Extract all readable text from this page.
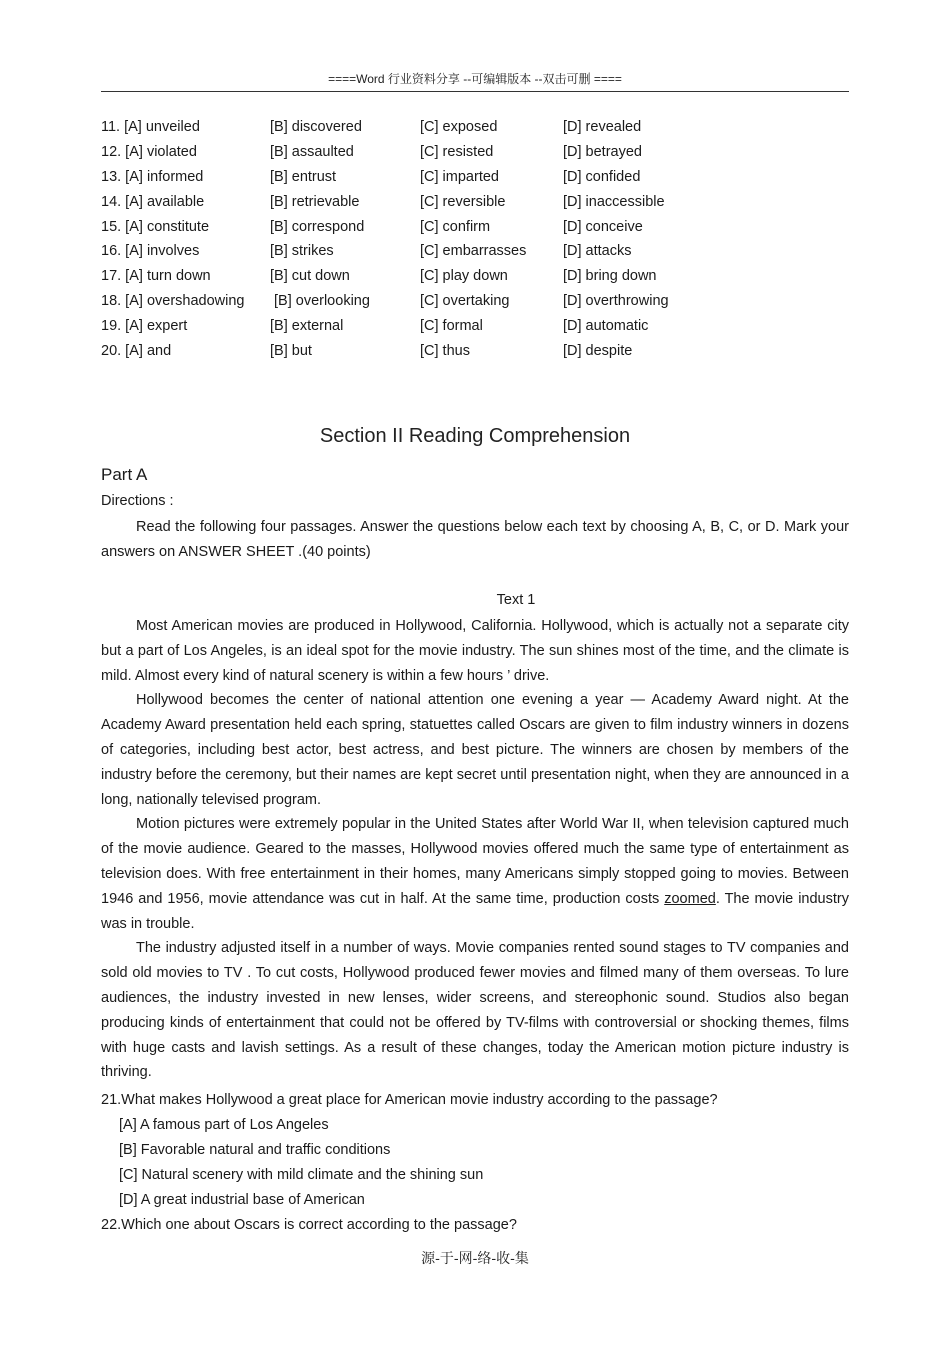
====Word 行业资料分享 --可编辑版本 --双击可删 ====
11. [A] unveiled	[B] discovered	[C] exposed	[D] revealed
12. [A] violated	[B] assaulted	[C] resisted	[D] betrayed
13. [A] informed	[B] entrust	[C] imparted	[D] confided
14. [A] available	[B] retrievable	[C] reversible	[D] inaccessible
15. [A] constitute	[B] correspond	[C] confirm	[D] conceive
16. [A] involves	[B] strikes	[C] embarrasses	[D] attacks
17. [A] turn down	[B] cut down	[C] play down	[D] bring down
18. [A] overshadowing [B] overlooking	[C] overtaking	[D] overthrowing
19. [A] expert	[B] external	[C] formal	[D] automatic
20. [A] and	[B] but	[C] thus	[D] despite
Section II Reading Comprehension
Part A
Directions :

Read the following four passages. Answer the questions below each text by choosing A, B, C, or D. Mark your answers on ANSWER SHEET .(40 points)

Text 1

Most American movies are produced in Hollywood, California. Hollywood, which is actually not a separate city but a part of Los Angeles, is an ideal spot for the movie industry. The sun shines most of the time, and the climate is mild. Almost every kind of natural scenery is within a few hours ’ drive.

Hollywood becomes the center of national attention one evening a year — Academy Award night. At the Academy Award presentation held each spring, statuettes called Oscars are given to film industry winners in dozens of categories, including best actor, best actress, and best picture. The winners are chosen by members of the industry before the ceremony, but their names are kept secret until presentation night, when they are announced in a long, nationally televised program.

Motion pictures were extremely popular in the United States after World War II, when television captured much of the movie audience. Geared to the masses, Hollywood movies offered much the same type of entertainment as television does. With free entertainment in their homes, many Americans simply stopped going to movies. Between 1946 and 1956, movie attendance was cut in half. At the same time, production costs zoomed. The movie industry was in trouble.

The industry adjusted itself in a number of ways. Movie companies rented sound stages to TV companies and sold old movies to TV . To cut costs, Hollywood produced fewer movies and filmed many of them overseas. To lure audiences, the industry invested in new lenses, wider screens, and stereophonic sound. Studios also began producing kinds of entertainment that could not be offered by TV-films with controversial or shocking themes, films with huge casts and lavish settings. As a result of these changes, today the American motion picture industry is thriving.

21.What makes Hollywood a great place for American movie industry according to the passage?
[A] A famous part of Los Angeles
[B] Favorable natural and traffic conditions
[C] Natural scenery with mild climate and the shining sun
[D] A great industrial base of American
22.Which one about Oscars is correct according to the passage?
源-于-网-络-收-集
